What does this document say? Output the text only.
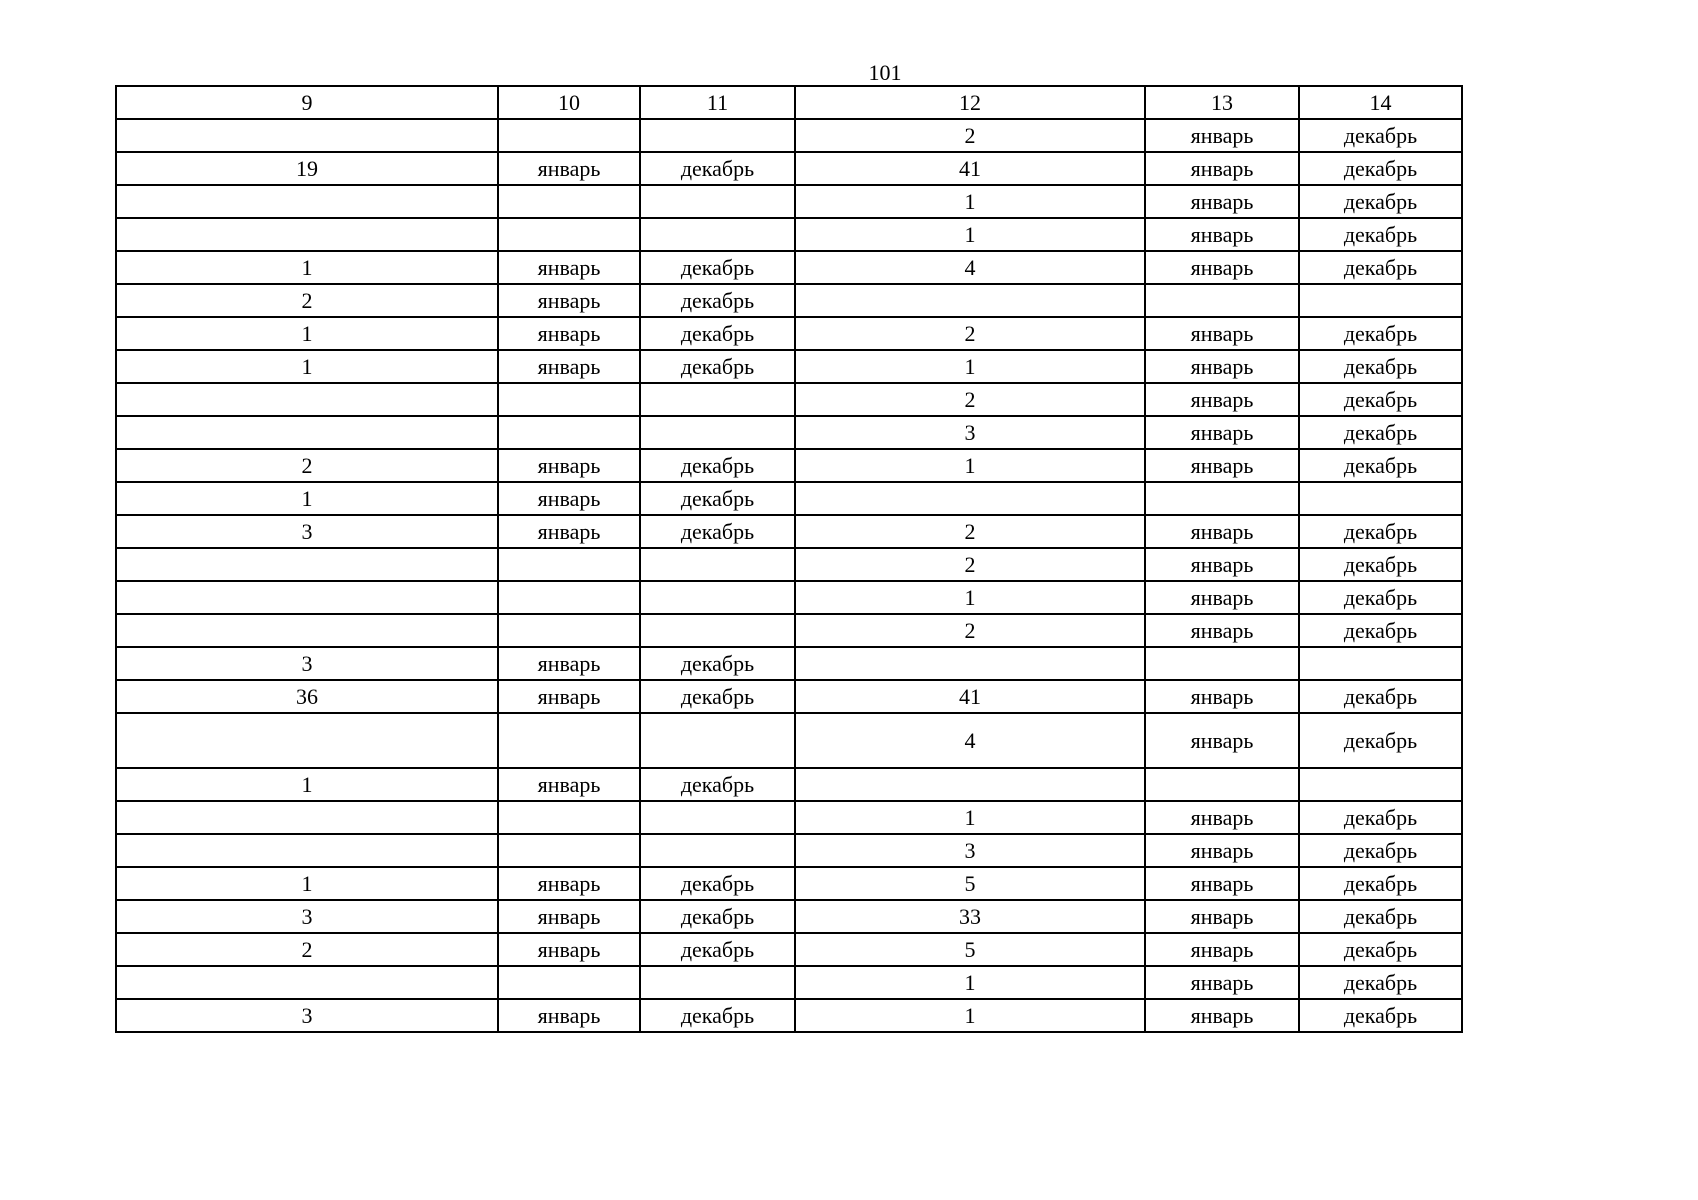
101
9	10	11	12	13	14
			2	январь	декабрь
19	январь	декабрь	41	январь	декабрь
			1	январь	декабрь
			1	январь	декабрь
1	январь	декабрь	4	январь	декабрь
2	январь	декабрь			
1	январь	декабрь	2	январь	декабрь
1	январь	декабрь	1	январь	декабрь
			2	январь	декабрь
			3	январь	декабрь
2	январь	декабрь	1	январь	декабрь
1	январь	декабрь			
3	январь	декабрь	2	январь	декабрь
			2	январь	декабрь
			1	январь	декабрь
			2	январь	декабрь
3	январь	декабрь			
36	январь	декабрь	41	январь	декабрь
			4	январь	декабрь
1	январь	декабрь			
			1	январь	декабрь
			3	январь	декабрь
1	январь	декабрь	5	январь	декабрь
3	январь	декабрь	33	январь	декабрь
2	январь	декабрь	5	январь	декабрь
			1	январь	декабрь
3	январь	декабрь	1	январь	декабрь
